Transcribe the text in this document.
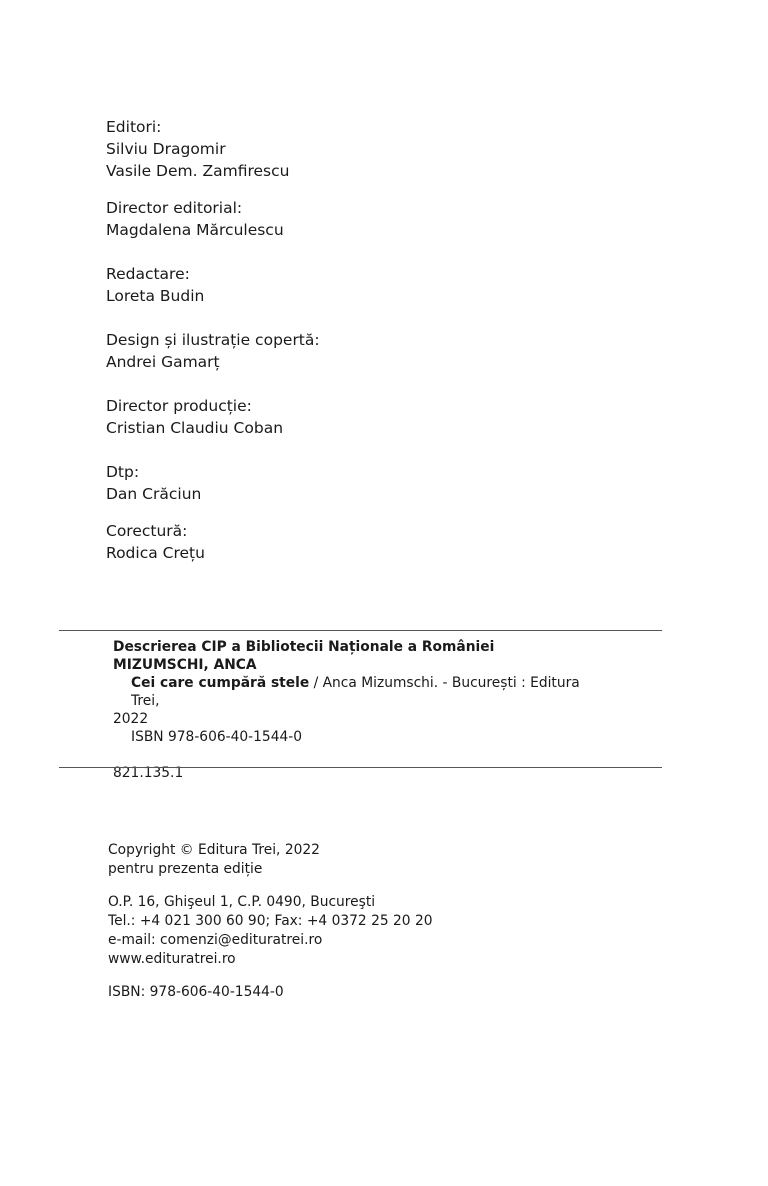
Editori:

Silviu Dragomir

Vasile Dem. Zamfirescu

Director editorial:

Magdalena Mărculescu

Redactare:

Loreta Budin

Design și ilustrație copertă:

Andrei Gamarț

Director producție:

Cristian Claudiu Coban

Dtp:

Dan Crăciun

Corectură:

Rodica Crețu

Descrierea CIP a Bibliotecii Naționale a României

MIZUMSCHI, ANCA

Cei care cumpără stele / Anca Mizumschi. - București : Editura Trei,

2022

ISBN 978-606-40-1544-0

821.135.1

Copyright © Editura Trei, 2022

pentru prezenta ediție

O.P. 16, Ghişeul 1, C.P. 0490, Bucureşti

Tel.: +4 021 300 60 90; Fax: +4 0372 25 20 20

e-mail: comenzi@edituratrei.ro

www.edituratrei.ro

ISBN: 978-606-40-1544-0
